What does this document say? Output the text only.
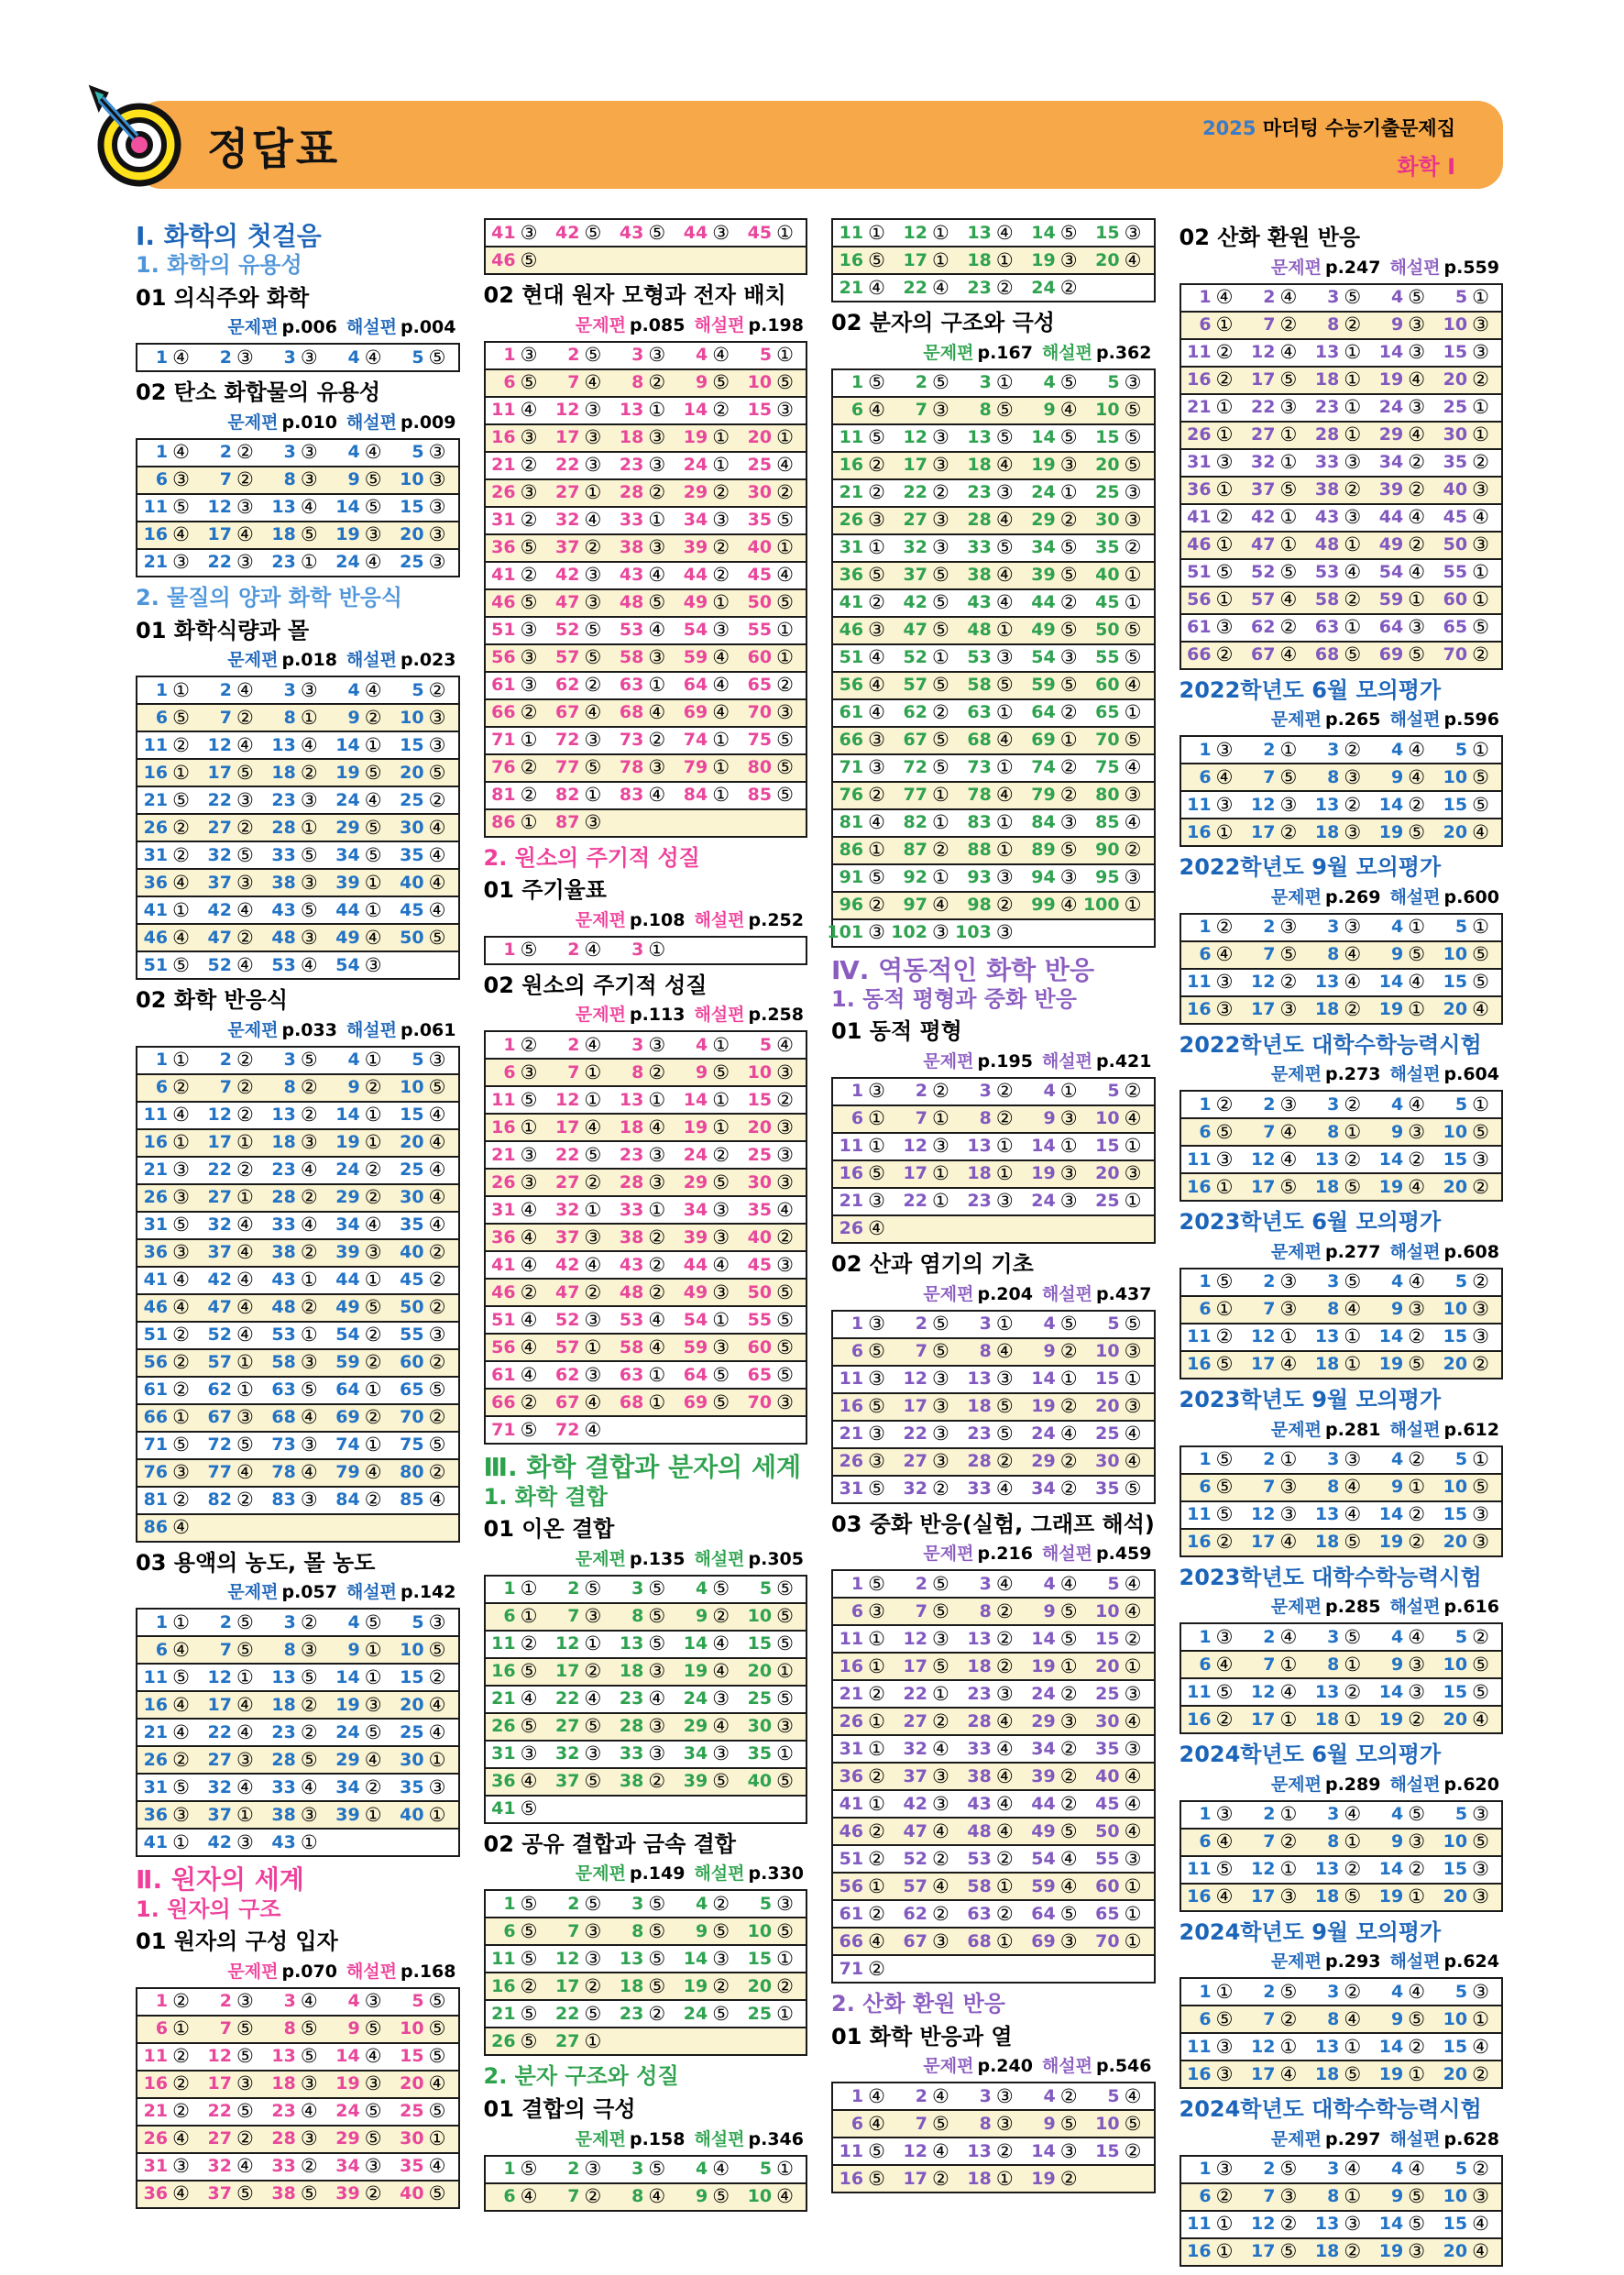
정답표	2025 마더텅 수능기출문제집
화학 Ⅰ
Ⅰ. 화학의 첫걸음
1. 화학의 유용성
01 의식주와 화학
문제편 p.006 해설편 p.004
1 ④ 2 ③ 3 ③ 4 ④ 5 ⑤
02 탄소 화합물의 유용성
문제편 p.010 해설편 p.009
1 ④ 2 ② 3 ③ 4 ④ 5 ③
6 ③ 7 ② 8 ③ 9 ⑤ 10 ③
11 ⑤ 12 ③ 13 ④ 14 ⑤ 15 ③
16 ④ 17 ④ 18 ⑤ 19 ③ 20 ③
21 ③ 22 ③ 23 ① 24 ④ 25 ③
2. 물질의 양과 화학 반응식
01 화학식량과 몰
문제편 p.018 해설편 p.023
1 ① 2 ④ 3 ③ 4 ④ 5 ②
6 ⑤ 7 ② 8 ① 9 ② 10 ③
11 ② 12 ④ 13 ④ 14 ① 15 ③
16 ① 17 ⑤ 18 ② 19 ⑤ 20 ⑤
21 ⑤ 22 ③ 23 ③ 24 ④ 25 ②
26 ② 27 ② 28 ① 29 ⑤ 30 ④
31 ② 32 ⑤ 33 ⑤ 34 ⑤ 35 ④
36 ④ 37 ③ 38 ③ 39 ① 40 ④
41 ① 42 ④ 43 ⑤ 44 ① 45 ④
46 ④ 47 ② 48 ③ 49 ④ 50 ⑤
51 ⑤ 52 ④ 53 ④ 54 ③
02 화학 반응식
문제편 p.033 해설편 p.061
1 ① 2 ② 3 ⑤ 4 ① 5 ③
6 ② 7 ② 8 ② 9 ② 10 ⑤
11 ④ 12 ② 13 ② 14 ① 15 ④
16 ① 17 ① 18 ③ 19 ① 20 ④
21 ③ 22 ② 23 ④ 24 ② 25 ④
26 ③ 27 ① 28 ② 29 ② 30 ④
31 ⑤ 32 ④ 33 ④ 34 ④ 35 ④
36 ③ 37 ④ 38 ② 39 ③ 40 ②
41 ④ 42 ④ 43 ① 44 ① 45 ②
46 ④ 47 ④ 48 ② 49 ⑤ 50 ②
51 ② 52 ④ 53 ① 54 ② 55 ③
56 ② 57 ① 58 ③ 59 ② 60 ②
61 ② 62 ① 63 ⑤ 64 ① 65 ⑤
66 ① 67 ③ 68 ④ 69 ② 70 ②
71 ⑤ 72 ⑤ 73 ③ 74 ① 75 ⑤
76 ③ 77 ④ 78 ④ 79 ④ 80 ②
81 ② 82 ② 83 ③ 84 ② 85 ④
86 ④
03 용액의 농도, 몰 농도
문제편 p.057 해설편 p.142
1 ① 2 ⑤ 3 ② 4 ⑤ 5 ③
6 ④ 7 ⑤ 8 ③ 9 ① 10 ⑤
11 ⑤ 12 ① 13 ⑤ 14 ① 15 ②
16 ④ 17 ④ 18 ② 19 ③ 20 ④
21 ④ 22 ④ 23 ② 24 ⑤ 25 ④
26 ② 27 ③ 28 ⑤ 29 ④ 30 ①
31 ⑤ 32 ④ 33 ④ 34 ② 35 ③
36 ③ 37 ① 38 ③ 39 ① 40 ①
41 ① 42 ③ 43 ①
Ⅱ. 원자의 세계
1. 원자의 구조
01 원자의 구성 입자
문제편 p.070 해설편 p.168
1 ② 2 ③ 3 ④ 4 ③ 5 ⑤
6 ① 7 ⑤ 8 ⑤ 9 ⑤ 10 ⑤
11 ② 12 ⑤ 13 ⑤ 14 ④ 15 ⑤
16 ② 17 ③ 18 ③ 19 ③ 20 ④
21 ② 22 ⑤ 23 ④ 24 ⑤ 25 ⑤
26 ④ 27 ② 28 ③ 29 ⑤ 30 ①
31 ③ 32 ④ 33 ② 34 ③ 35 ④
36 ④ 37 ⑤ 38 ⑤ 39 ② 40 ⑤
41 ③ 42 ⑤ 43 ⑤ 44 ③ 45 ①
46 ⑤
02 현대 원자 모형과 전자 배치
문제편 p.085 해설편 p.198
1 ③ 2 ⑤ 3 ③ 4 ④ 5 ①
6 ⑤ 7 ④ 8 ② 9 ⑤ 10 ⑤
11 ④ 12 ③ 13 ① 14 ② 15 ③
16 ③ 17 ③ 18 ③ 19 ① 20 ①
21 ② 22 ③ 23 ③ 24 ① 25 ④
26 ③ 27 ① 28 ② 29 ② 30 ②
31 ② 32 ④ 33 ① 34 ③ 35 ⑤
36 ⑤ 37 ② 38 ③ 39 ② 40 ①
41 ② 42 ③ 43 ④ 44 ② 45 ④
46 ⑤ 47 ③ 48 ⑤ 49 ① 50 ⑤
51 ③ 52 ⑤ 53 ④ 54 ③ 55 ①
56 ③ 57 ⑤ 58 ③ 59 ④ 60 ①
61 ③ 62 ② 63 ① 64 ④ 65 ②
66 ② 67 ④ 68 ④ 69 ④ 70 ③
71 ① 72 ③ 73 ② 74 ① 75 ⑤
76 ② 77 ⑤ 78 ③ 79 ① 80 ⑤
81 ② 82 ① 83 ④ 84 ① 85 ⑤
86 ① 87 ③
2. 원소의 주기적 성질
01 주기율표
문제편 p.108 해설편 p.252
1 ⑤ 2 ④ 3 ①
02 원소의 주기적 성질
문제편 p.113 해설편 p.258
1 ② 2 ④ 3 ③ 4 ① 5 ④
6 ③ 7 ① 8 ② 9 ⑤ 10 ③
11 ⑤ 12 ① 13 ① 14 ① 15 ②
16 ① 17 ④ 18 ④ 19 ① 20 ③
21 ③ 22 ⑤ 23 ③ 24 ② 25 ③
26 ③ 27 ② 28 ③ 29 ⑤ 30 ③
31 ④ 32 ① 33 ① 34 ③ 35 ④
36 ④ 37 ③ 38 ② 39 ③ 40 ②
41 ④ 42 ④ 43 ② 44 ④ 45 ③
46 ② 47 ② 48 ② 49 ③ 50 ⑤
51 ④ 52 ③ 53 ④ 54 ① 55 ⑤
56 ④ 57 ① 58 ④ 59 ③ 60 ⑤
61 ④ 62 ③ 63 ① 64 ⑤ 65 ⑤
66 ② 67 ④ 68 ① 69 ⑤ 70 ③
71 ⑤ 72 ④
Ⅲ. 화학 결합과 분자의 세계
1. 화학 결합
01 이온 결합
문제편 p.135 해설편 p.305
1 ① 2 ⑤ 3 ⑤ 4 ⑤ 5 ⑤
6 ① 7 ③ 8 ⑤ 9 ② 10 ⑤
11 ② 12 ① 13 ⑤ 14 ④ 15 ⑤
16 ⑤ 17 ② 18 ③ 19 ④ 20 ①
21 ④ 22 ④ 23 ④ 24 ③ 25 ⑤
26 ⑤ 27 ⑤ 28 ③ 29 ④ 30 ③
31 ③ 32 ③ 33 ③ 34 ③ 35 ①
36 ④ 37 ⑤ 38 ② 39 ⑤ 40 ⑤
41 ⑤
02 공유 결합과 금속 결합
문제편 p.149 해설편 p.330
1 ⑤ 2 ⑤ 3 ⑤ 4 ② 5 ③
6 ⑤ 7 ③ 8 ⑤ 9 ⑤ 10 ⑤
11 ⑤ 12 ③ 13 ⑤ 14 ③ 15 ①
16 ② 17 ② 18 ⑤ 19 ② 20 ②
21 ⑤ 22 ⑤ 23 ② 24 ⑤ 25 ①
26 ⑤ 27 ①
2. 분자 구조와 성질
01 결합의 극성
문제편 p.158 해설편 p.346
1 ⑤ 2 ③ 3 ⑤ 4 ④ 5 ①
6 ④ 7 ② 8 ④ 9 ⑤ 10 ④
11 ① 12 ① 13 ④ 14 ⑤ 15 ③
16 ⑤ 17 ① 18 ① 19 ③ 20 ④
21 ④ 22 ④ 23 ② 24 ②
02 분자의 구조와 극성
문제편 p.167 해설편 p.362
1 ⑤ 2 ⑤ 3 ① 4 ⑤ 5 ③
6 ④ 7 ③ 8 ⑤ 9 ④ 10 ⑤
11 ⑤ 12 ③ 13 ⑤ 14 ⑤ 15 ⑤
16 ② 17 ③ 18 ④ 19 ③ 20 ⑤
21 ② 22 ② 23 ③ 24 ① 25 ③
26 ③ 27 ③ 28 ④ 29 ② 30 ③
31 ① 32 ③ 33 ⑤ 34 ⑤ 35 ②
36 ⑤ 37 ⑤ 38 ④ 39 ⑤ 40 ①
41 ② 42 ⑤ 43 ④ 44 ② 45 ①
46 ③ 47 ⑤ 48 ① 49 ⑤ 50 ⑤
51 ④ 52 ① 53 ③ 54 ③ 55 ⑤
56 ④ 57 ⑤ 58 ⑤ 59 ⑤ 60 ④
61 ④ 62 ② 63 ① 64 ② 65 ①
66 ③ 67 ⑤ 68 ④ 69 ① 70 ⑤
71 ③ 72 ⑤ 73 ① 74 ② 75 ④
76 ② 77 ① 78 ④ 79 ② 80 ③
81 ④ 82 ① 83 ① 84 ③ 85 ④
86 ① 87 ② 88 ① 89 ⑤ 90 ②
91 ⑤ 92 ① 93 ③ 94 ③ 95 ③
96 ② 97 ④ 98 ② 99 ④ 100 ①
101 ③ 102 ③ 103 ③
Ⅳ. 역동적인 화학 반응
1. 동적 평형과 중화 반응
01 동적 평형
문제편 p.195 해설편 p.421
1 ③ 2 ② 3 ② 4 ① 5 ②
6 ① 7 ① 8 ② 9 ③ 10 ④
11 ① 12 ③ 13 ① 14 ① 15 ①
16 ⑤ 17 ① 18 ① 19 ③ 20 ③
21 ③ 22 ① 23 ③ 24 ③ 25 ①
26 ④
02 산과 염기의 기초
문제편 p.204 해설편 p.437
1 ③ 2 ⑤ 3 ① 4 ⑤ 5 ⑤
6 ⑤ 7 ⑤ 8 ④ 9 ② 10 ③
11 ③ 12 ③ 13 ③ 14 ① 15 ①
16 ⑤ 17 ③ 18 ⑤ 19 ② 20 ③
21 ③ 22 ③ 23 ⑤ 24 ④ 25 ④
26 ③ 27 ③ 28 ② 29 ② 30 ④
31 ⑤ 32 ② 33 ④ 34 ② 35 ⑤
03 중화 반응(실험, 그래프 해석)
문제편 p.216 해설편 p.459
1 ⑤ 2 ⑤ 3 ④ 4 ④ 5 ④
6 ③ 7 ⑤ 8 ② 9 ⑤ 10 ④
11 ① 12 ③ 13 ② 14 ⑤ 15 ②
16 ① 17 ⑤ 18 ② 19 ① 20 ①
21 ② 22 ① 23 ③ 24 ② 25 ③
26 ① 27 ② 28 ④ 29 ③ 30 ④
31 ① 32 ④ 33 ④ 34 ② 35 ③
36 ② 37 ③ 38 ④ 39 ② 40 ④
41 ① 42 ③ 43 ④ 44 ② 45 ④
46 ② 47 ④ 48 ④ 49 ⑤ 50 ④
51 ② 52 ② 53 ② 54 ④ 55 ③
56 ① 57 ④ 58 ① 59 ④ 60 ①
61 ② 62 ② 63 ② 64 ⑤ 65 ①
66 ④ 67 ③ 68 ① 69 ③ 70 ①
71 ②
2. 산화 환원 반응
01 화학 반응과 열
문제편 p.240 해설편 p.546
1 ④ 2 ④ 3 ③ 4 ② 5 ④
6 ④ 7 ⑤ 8 ③ 9 ⑤ 10 ⑤
11 ⑤ 12 ④ 13 ② 14 ③ 15 ②
16 ⑤ 17 ② 18 ① 19 ②
02 산화 환원 반응
문제편 p.247 해설편 p.559
1 ④ 2 ④ 3 ⑤ 4 ⑤ 5 ①
6 ① 7 ② 8 ② 9 ③ 10 ③
11 ② 12 ④ 13 ① 14 ③ 15 ③
16 ② 17 ⑤ 18 ① 19 ④ 20 ②
21 ① 22 ③ 23 ① 24 ③ 25 ①
26 ① 27 ① 28 ① 29 ④ 30 ①
31 ③ 32 ① 33 ③ 34 ② 35 ②
36 ① 37 ⑤ 38 ② 39 ② 40 ③
41 ② 42 ① 43 ③ 44 ④ 45 ④
46 ① 47 ① 48 ① 49 ② 50 ③
51 ⑤ 52 ⑤ 53 ④ 54 ④ 55 ①
56 ① 57 ④ 58 ② 59 ① 60 ①
61 ③ 62 ② 63 ① 64 ③ 65 ⑤
66 ② 67 ④ 68 ⑤ 69 ⑤ 70 ②
2022학년도 6월 모의평가
문제편 p.265 해설편 p.596
1 ③ 2 ① 3 ② 4 ④ 5 ①
6 ④ 7 ⑤ 8 ③ 9 ④ 10 ⑤
11 ③ 12 ③ 13 ② 14 ② 15 ⑤
16 ① 17 ② 18 ③ 19 ⑤ 20 ④
2022학년도 9월 모의평가
문제편 p.269 해설편 p.600
1 ② 2 ③ 3 ③ 4 ① 5 ①
6 ④ 7 ⑤ 8 ④ 9 ⑤ 10 ⑤
11 ③ 12 ② 13 ④ 14 ④ 15 ⑤
16 ③ 17 ③ 18 ② 19 ① 20 ④
2022학년도 대학수학능력시험
문제편 p.273 해설편 p.604
1 ② 2 ③ 3 ② 4 ④ 5 ①
6 ⑤ 7 ④ 8 ① 9 ③ 10 ⑤
11 ③ 12 ④ 13 ② 14 ② 15 ③
16 ① 17 ⑤ 18 ⑤ 19 ④ 20 ②
2023학년도 6월 모의평가
문제편 p.277 해설편 p.608
1 ⑤ 2 ③ 3 ⑤ 4 ④ 5 ②
6 ① 7 ③ 8 ④ 9 ③ 10 ③
11 ② 12 ① 13 ① 14 ② 15 ③
16 ⑤ 17 ④ 18 ① 19 ⑤ 20 ②
2023학년도 9월 모의평가
문제편 p.281 해설편 p.612
1 ⑤ 2 ① 3 ③ 4 ② 5 ①
6 ⑤ 7 ③ 8 ④ 9 ① 10 ⑤
11 ⑤ 12 ③ 13 ④ 14 ② 15 ③
16 ② 17 ④ 18 ⑤ 19 ② 20 ③
2023학년도 대학수학능력시험
문제편 p.285 해설편 p.616
1 ③ 2 ④ 3 ⑤ 4 ④ 5 ②
6 ④ 7 ① 8 ① 9 ③ 10 ⑤
11 ⑤ 12 ④ 13 ② 14 ③ 15 ⑤
16 ② 17 ① 18 ① 19 ② 20 ④
2024학년도 6월 모의평가
문제편 p.289 해설편 p.620
1 ③ 2 ① 3 ④ 4 ⑤ 5 ③
6 ④ 7 ② 8 ① 9 ③ 10 ⑤
11 ⑤ 12 ① 13 ② 14 ② 15 ③
16 ④ 17 ③ 18 ⑤ 19 ① 20 ③
2024학년도 9월 모의평가
문제편 p.293 해설편 p.624
1 ① 2 ⑤ 3 ② 4 ④ 5 ③
6 ⑤ 7 ② 8 ④ 9 ⑤ 10 ①
11 ③ 12 ① 13 ① 14 ② 15 ④
16 ③ 17 ④ 18 ⑤ 19 ① 20 ②
2024학년도 대학수학능력시험
문제편 p.297 해설편 p.628
1 ③ 2 ⑤ 3 ④ 4 ④ 5 ②
6 ② 7 ③ 8 ① 9 ⑤ 10 ③
11 ① 12 ② 13 ③ 14 ⑤ 15 ④
16 ① 17 ⑤ 18 ② 19 ③ 20 ④
